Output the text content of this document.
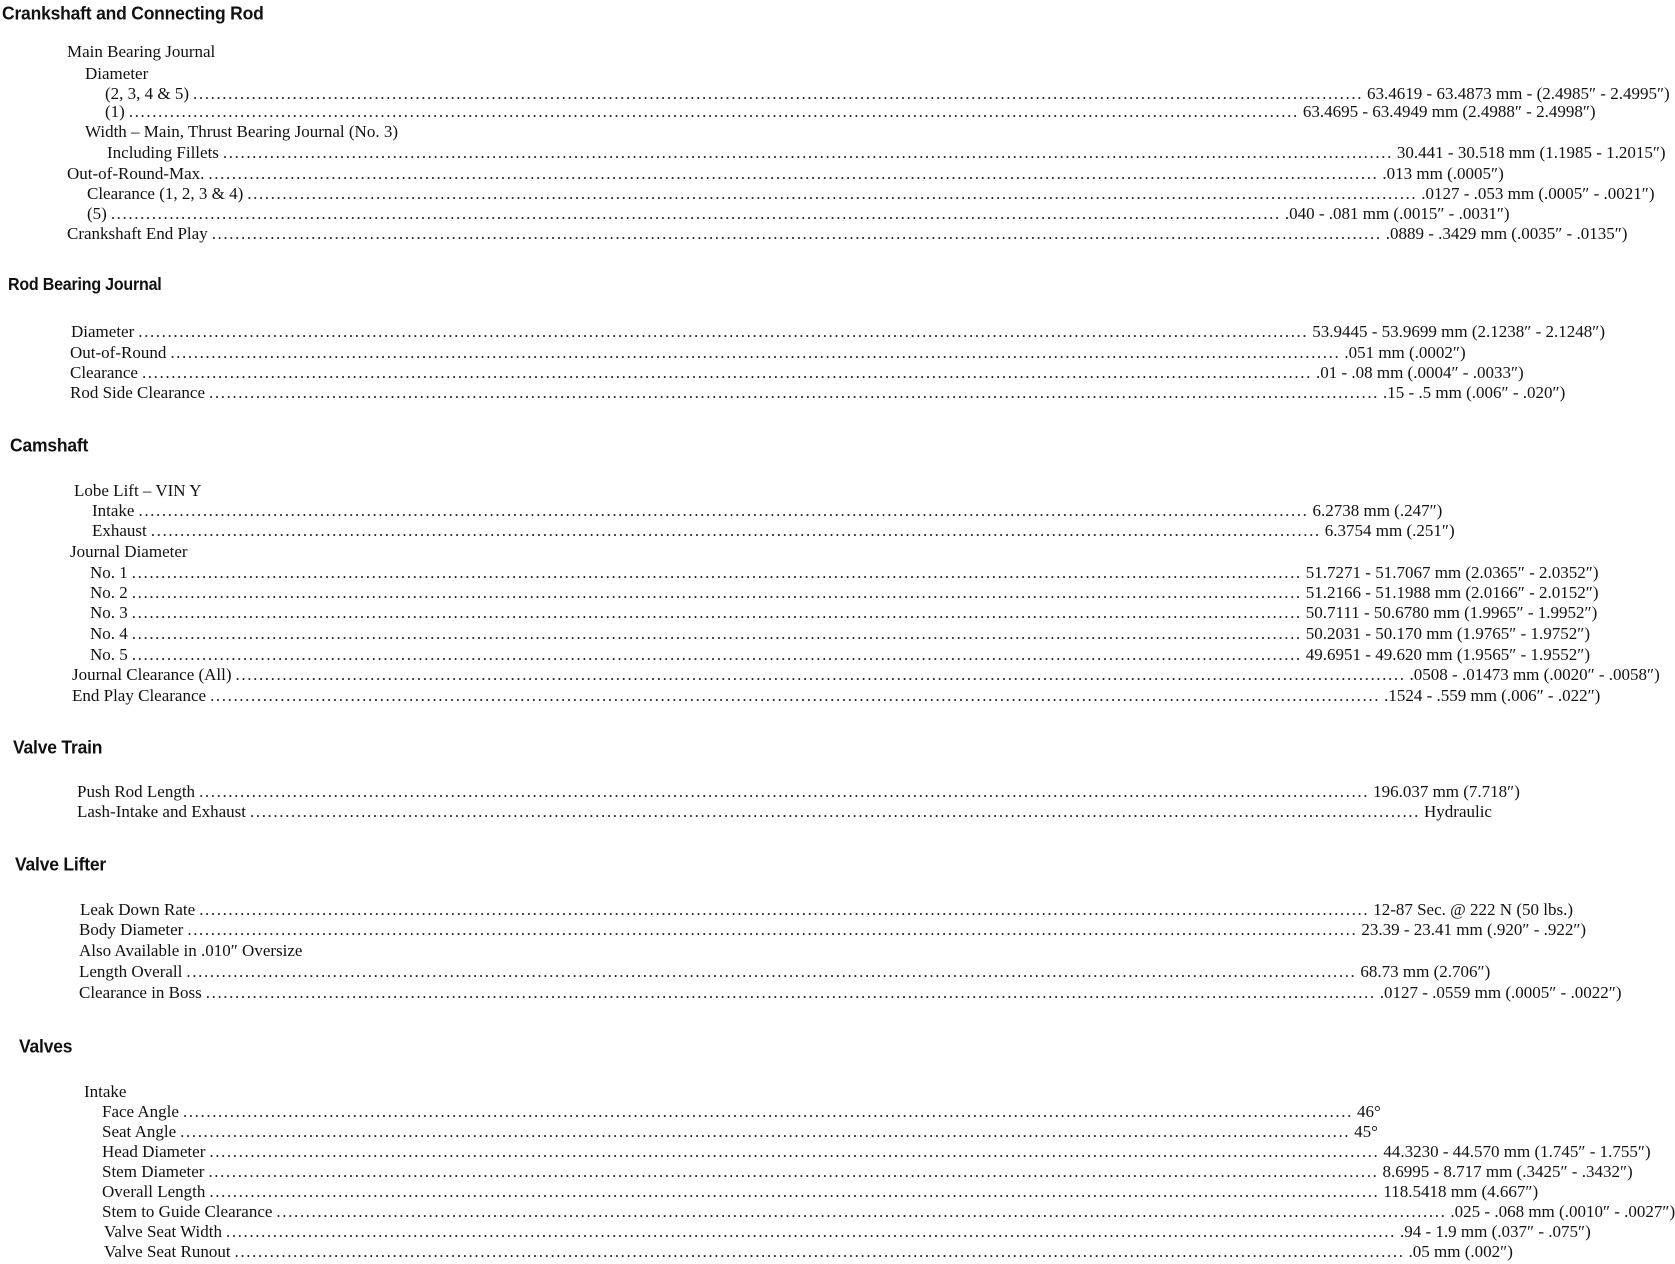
Crankshaft and Connecting Rod
Main Bearing Journal
Diameter
(2, 3, 4 & 5) ........................................................................................................................................................................................................ 63.4619 - 63.4873 mm - (2.4985″ - 2.4995″)
(1) ........................................................................................................................................................................................................ 63.4695 - 63.4949 mm (2.4988″ - 2.4998″)
Width – Main, Thrust Bearing Journal (No. 3)
Including Fillets ........................................................................................................................................................................................................ 30.441 - 30.518 mm (1.1985 - 1.2015″)
Out-of-Round-Max. ........................................................................................................................................................................................................ .013 mm (.0005″)
Clearance (1, 2, 3 & 4) ........................................................................................................................................................................................................ .0127 - .053 mm (.0005″ - .0021″)
(5) ........................................................................................................................................................................................................ .040 - .081 mm (.0015″ - .0031″)
Crankshaft End Play ........................................................................................................................................................................................................ .0889 - .3429 mm (.0035″ - .0135″)
Rod Bearing Journal
Diameter ........................................................................................................................................................................................................ 53.9445 - 53.9699 mm (2.1238″ - 2.1248″)
Out-of-Round ........................................................................................................................................................................................................ .051 mm (.0002″)
Clearance ........................................................................................................................................................................................................ .01 - .08 mm (.0004″ - .0033″)
Rod Side Clearance ........................................................................................................................................................................................................ .15 - .5 mm (.006″ - .020″)
Camshaft
Lobe Lift – VIN Y
Intake ........................................................................................................................................................................................................ 6.2738 mm (.247″)
Exhaust ........................................................................................................................................................................................................ 6.3754 mm (.251″)
Journal Diameter
No. 1 ........................................................................................................................................................................................................ 51.7271 - 51.7067 mm (2.0365″ - 2.0352″)
No. 2 ........................................................................................................................................................................................................ 51.2166 - 51.1988 mm (2.0166″ - 2.0152″)
No. 3 ........................................................................................................................................................................................................ 50.7111 - 50.6780 mm (1.9965″ - 1.9952″)
No. 4 ........................................................................................................................................................................................................ 50.2031 - 50.170 mm (1.9765″ - 1.9752″)
No. 5 ........................................................................................................................................................................................................ 49.6951 - 49.620 mm (1.9565″ - 1.9552″)
Journal Clearance (All) ........................................................................................................................................................................................................ .0508 - .01473 mm (.0020″ - .0058″)
End Play Clearance ........................................................................................................................................................................................................ .1524 - .559 mm (.006″ - .022″)
Valve Train
Push Rod Length ........................................................................................................................................................................................................ 196.037 mm (7.718″)
Lash-Intake and Exhaust ........................................................................................................................................................................................................ Hydraulic
Valve Lifter
Leak Down Rate ........................................................................................................................................................................................................ 12-87 Sec. @ 222 N (50 lbs.)
Body Diameter ........................................................................................................................................................................................................ 23.39 - 23.41 mm (.920″ - .922″)
Also Available in .010″ Oversize
Length Overall ........................................................................................................................................................................................................ 68.73 mm (2.706″)
Clearance in Boss ........................................................................................................................................................................................................ .0127 - .0559 mm (.0005″ - .0022″)
Valves
Intake
Face Angle ........................................................................................................................................................................................................ 46°
Seat Angle ........................................................................................................................................................................................................ 45°
Head Diameter ........................................................................................................................................................................................................ 44.3230 - 44.570 mm (1.745″ - 1.755″)
Stem Diameter ........................................................................................................................................................................................................ 8.6995 - 8.717 mm (.3425″ - .3432″)
Overall Length ........................................................................................................................................................................................................ 118.5418 mm (4.667″)
Stem to Guide Clearance ........................................................................................................................................................................................................ .025 - .068 mm (.0010″ - .0027″)
Valve Seat Width ........................................................................................................................................................................................................ .94 - 1.9 mm (.037″ - .075″)
Valve Seat Runout ........................................................................................................................................................................................................ .05 mm (.002″)
